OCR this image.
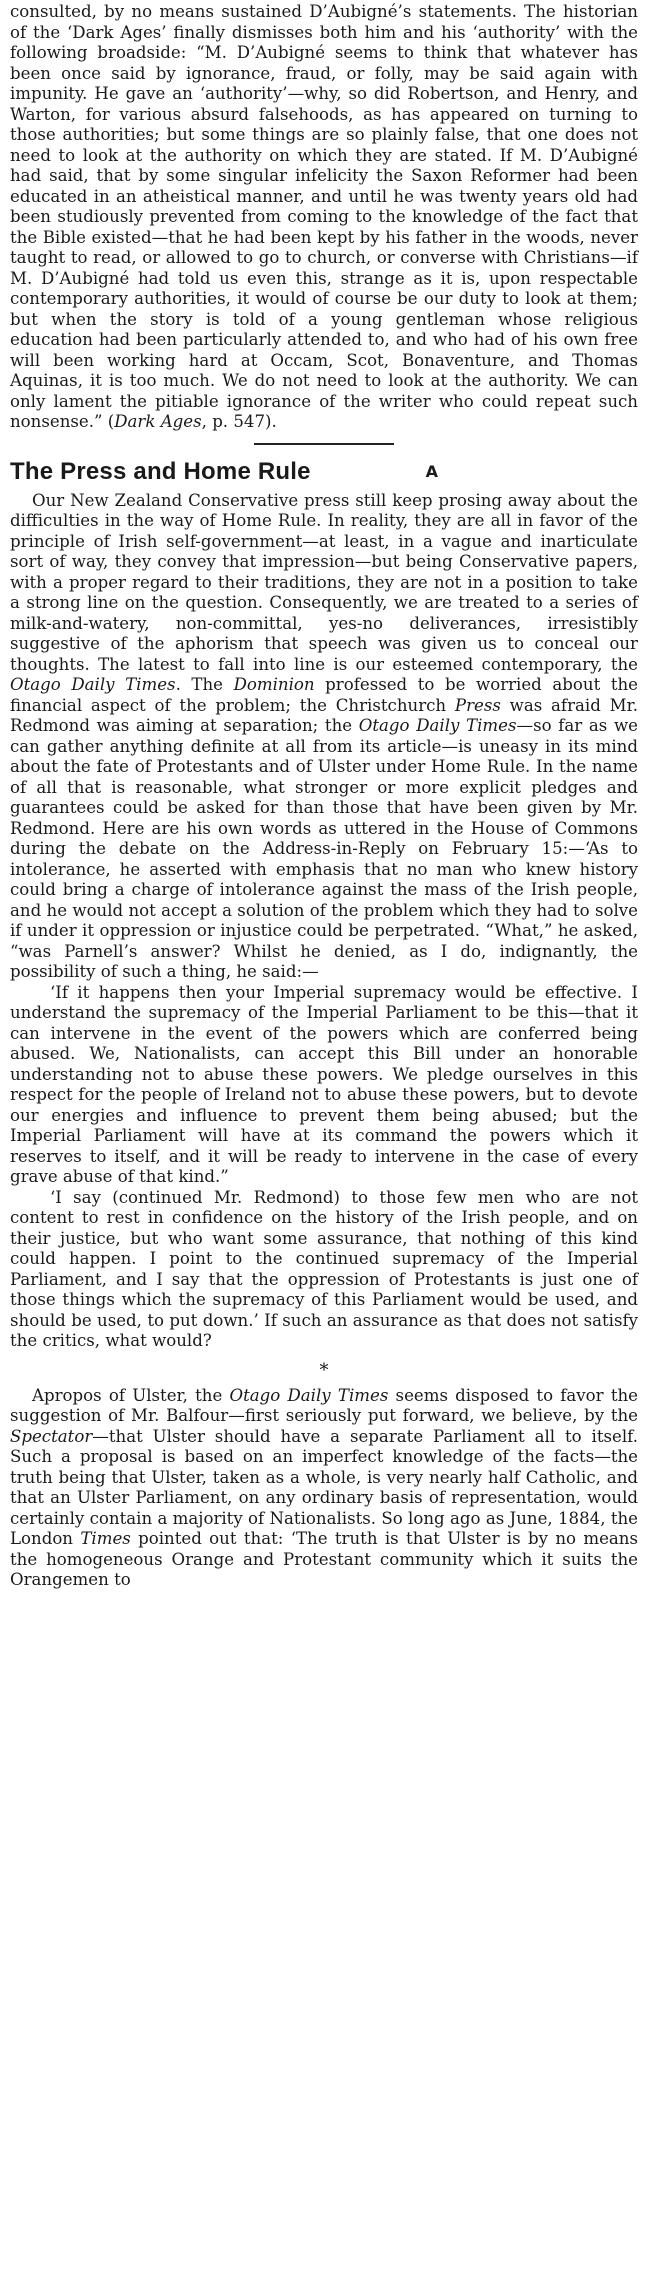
consulted, by no means sustained D’Aubigné’s statements. The historian of the ‘Dark Ages’ finally dismisses both him and his ‘authority’ with the following broadside: “M. D’Aubigné seems to think that whatever has been once said by ignorance, fraud, or folly, may be said again with impunity. He gave an ‘authority’—why, so did Robertson, and Henry, and Warton, for various absurd falsehoods, as has appeared on turning to those authorities; but some things are so plainly false, that one does not need to look at the authority on which they are stated. If M. D’Aubigné had said, that by some singular infelicity the Saxon Reformer had been educated in an atheistical manner, and until he was twenty years old had been studiously prevented from coming to the knowledge of the fact that the Bible existed—that he had been kept by his father in the woods, never taught to read, or allowed to go to church, or converse with Christians—if M. D’Aubigné had told us even this, strange as it is, upon respectable contemporary authorities, it would of course be our duty to look at them; but when the story is told of a young gentleman whose religious education had been particularly attended to, and who had of his own free will been working hard at Occam, Scot, Bonaventure, and Thomas Aquinas, it is too much. We do not need to look at the authority. We can only lament the pitiable ignorance of the writer who could repeat such nonsense.” (Dark Ages, p. 547).

The Press and Home Rule	A

Our New Zealand Conservative press still keep prosing away about the difficulties in the way of Home Rule. In reality, they are all in favor of the principle of Irish self-government—at least, in a vague and inarticulate sort of way, they convey that impression—but being Conservative papers, with a proper regard to their traditions, they are not in a position to take a strong line on the question. Consequently, we are treated to a series of milk-and-watery, non-committal, yes-no deliverances, irresistibly suggestive of the aphorism that speech was given us to conceal our thoughts. The latest to fall into line is our esteemed contemporary, the Otago Daily Times. The Dominion professed to be worried about the financial aspect of the problem; the Christchurch Press was afraid Mr. Redmond was aiming at separation; the Otago Daily Times—so far as we can gather anything definite at all from its article—is uneasy in its mind about the fate of Protestants and of Ulster under Home Rule. In the name of all that is reasonable, what stronger or more explicit pledges and guarantees could be asked for than those that have been given by Mr. Redmond. Here are his own words as uttered in the House of Commons during the debate on the Address-in-Reply on February 15:—‘As to intolerance, he asserted with emphasis that no man who knew history could bring a charge of intolerance against the mass of the Irish people, and he would not accept a solution of the problem which they had to solve if under it oppression or injustice could be perpetrated. “What,” he asked, “was Parnell’s answer? Whilst he denied, as I do, indignantly, the possibility of such a thing, he said:—

‘If it happens then your Imperial supremacy would be effective. I understand the supremacy of the Imperial Parliament to be this—that it can intervene in the event of the powers which are conferred being abused. We, Nationalists, can accept this Bill under an honorable understanding not to abuse these powers. We pledge ourselves in this respect for the people of Ireland not to abuse these powers, but to devote our energies and influence to prevent them being abused; but the Imperial Parliament will have at its command the powers which it reserves to itself, and it will be ready to intervene in the case of every grave abuse of that kind.”

‘I say (continued Mr. Redmond) to those few men who are not content to rest in confidence on the history of the Irish people, and on their justice, but who want some assurance, that nothing of this kind could happen. I point to the continued supremacy of the Imperial Parliament, and I say that the oppression of Protestants is just one of those things which the supremacy of this Parliament would be used, and should be used, to put down.’ If such an assurance as that does not satisfy the critics, what would?

*

Apropos of Ulster, the Otago Daily Times seems disposed to favor the suggestion of Mr. Balfour—first seriously put forward, we believe, by the Spectator—that Ulster should have a separate Parliament all to itself. Such a proposal is based on an imperfect knowledge of the facts—the truth being that Ulster, taken as a whole, is very nearly half Catholic, and that an Ulster Parliament, on any ordinary basis of representation, would certainly contain a majority of Nationalists. So long ago as June, 1884, the London Times pointed out that: ‘The truth is that Ulster is by no means the homogeneous Orange and Protestant community which it suits the Orangemen to
